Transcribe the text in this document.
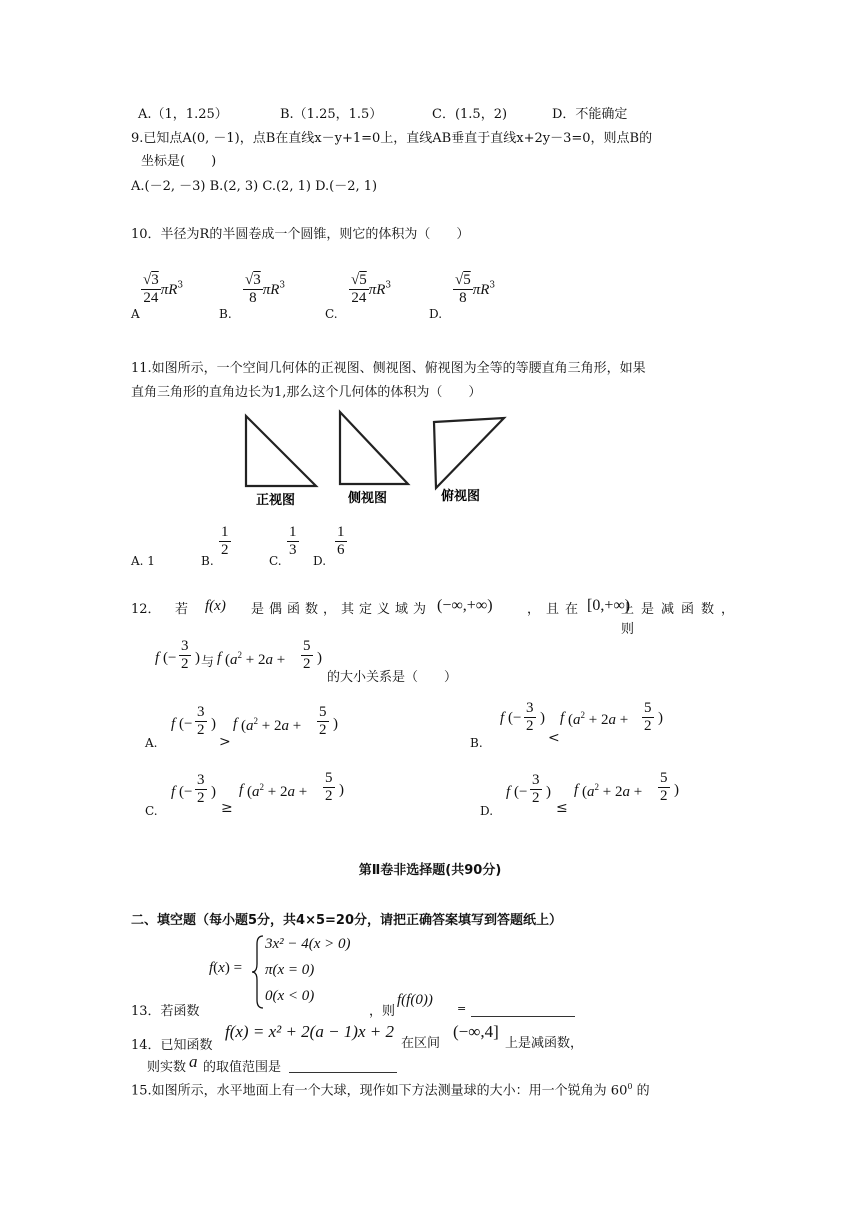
A.（1，1.25）	B.（1.25，1.5）	C．(1.5，2)	D．不能确定
9.已知点A(0, －1)，点B在直线x－y+1=0上，直线AB垂直于直线x+2y－3=0，则点B的
坐标是(　　)
A.(－2, －3) B.(2, 3) C.(2, 1) D.(－2, 1)
10．半径为R的半圆卷成一个圆锥，则它的体积为（　　）
A
$\frac{√3}{24} \pi R^3$
B.
$\frac{√3}{8} \pi R^3$
C.
$\frac{√5}{24} \pi R^3$
D.
$\frac{√5}{8} \pi R^3$
11.如图所示，一个空间几何体的正视图、侧视图、俯视图为全等的等腰直角三角形，如果
直角三角形的直角边长为1,那么这个几何体的体积为（　　）
正视图	侧视图	俯视图
A. 1	B.
$\frac{1}{2}$
C.
$\frac{1}{3}$
D.
$\frac{1}{6}$
12． 若 f(x) 是偶函数，其定义域为 (−∞,+∞)	，且在 [0,+∞)
上是减函数，则
f (− $\frac{3}{2}$ ) 与 f ($a^2 + 2a + \frac{5}{2}$ )
的大小关系是（　　）
A.
f (− $\frac{3}{2}$ )
>
f ($a^2 + 2a + \frac{5}{2}$ )
B.
f (− $\frac{3}{2}$ )
<
f ($a^2 + 2a + \frac{5}{2}$ )
C.
f (− $\frac{3}{2}$ )
≥
f ($a^2 + 2a + \frac{5}{2}$ )
D.
f (− $\frac{3}{2}$ )
≤
f ($a^2 + 2a + \frac{5}{2}$ )
第Ⅱ卷非选择题(共90分)
二、填空题（每小题5分，共4×5=20分，请把正确答案填写到答题纸上）
13．若函数
f(x) =
3x² − 4(x > 0)
π(x = 0)
0(x < 0)
，则
f(f(0))
=
14．已知函数
f(x) = x² + 2(a − 1)x + 2
在区间
(−∞,4]
上是减函数，
则实数 a 的取值范围是
15.如图所示，水平地面上有一个大球，现作如下方法测量球的大小：用一个锐角为 $60^0$ 的
